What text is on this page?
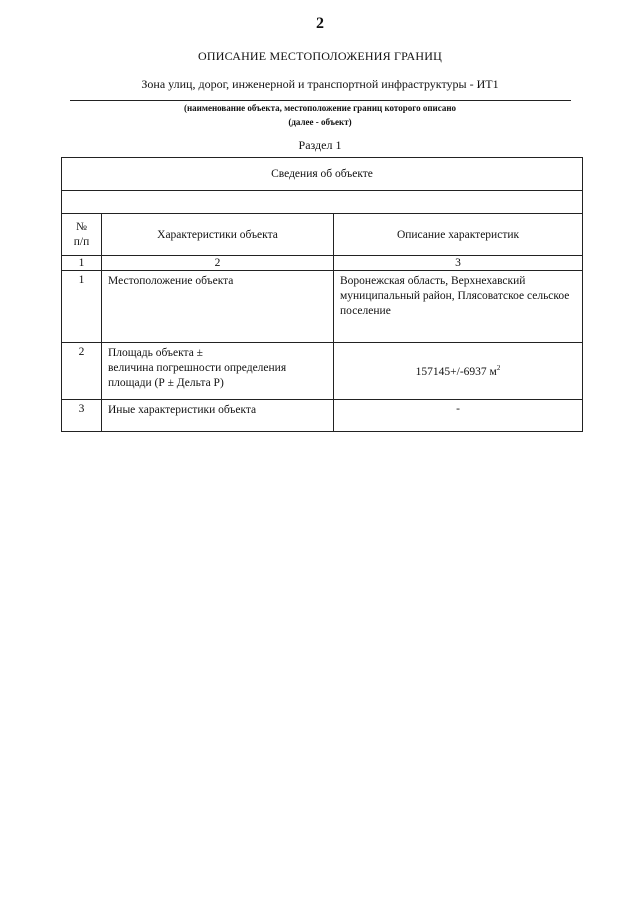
2
ОПИСАНИЕ МЕСТОПОЛОЖЕНИЯ ГРАНИЦ
Зона улиц, дорог, инженерной и транспортной инфраструктуры - ИТ1
(наименование объекта, местоположение границ которого описано
(далее - объект)
Раздел 1
Сведения об объекте		

№
п/п	Характеристики объекта	Описание характеристик
1	2	3
1	Местоположение объекта	Воронежская область, Верхнехавский муниципальный район, Плясоватское сельское поселение
2	Площадь объекта ±
величина погрешности определения
площади (Р ± Дельта Р)	157145+/-6937 $м^2$
3	Иные характеристики объекта	-
